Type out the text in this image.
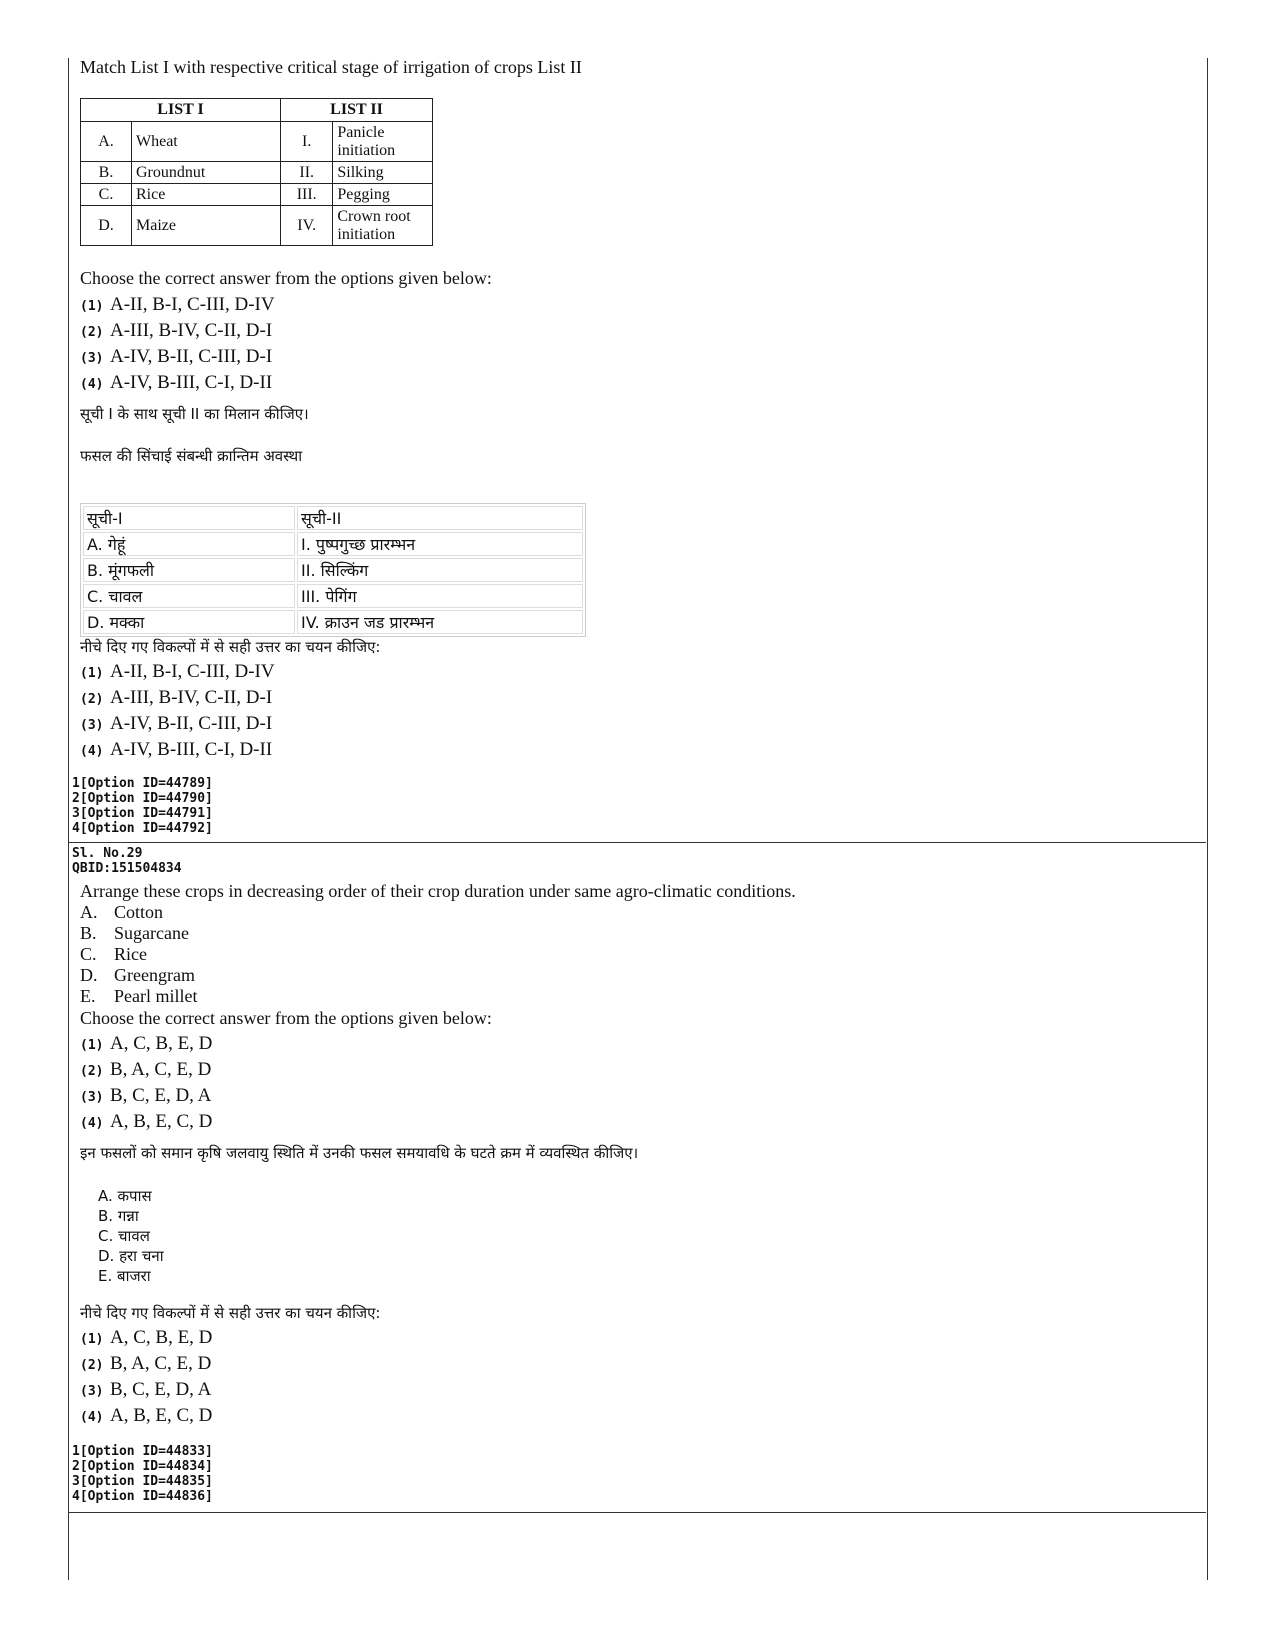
Match List I with respective critical stage of irrigation of crops List II
LIST I		LIST II	
A.	Wheat	I.	Panicle
initiation
B.	Groundnut	II.	Silking
C.	Rice	III.	Pegging
D.	Maize	IV.	Crown root
initiation
Choose the correct answer from the options given below:
(1) A-II, B-I, C-III, D-IV
(2) A-III, B-IV, C-II, D-I
(3) A-IV, B-II, C-III, D-I
(4) A-IV, B-III, C-I, D-II
सूची I के साथ सूची II का मिलान कीजिए।
फसल की सिंचाई संबन्धी क्रान्तिम अवस्था
सूची-I	सूची-II
A. गेहूं	I. पुष्पगुच्छ प्रारम्भन
B. मूंगफली	II. सिल्किंग
C. चावल	III. पेगिंग
D. मक्का	IV. क्राउन जड प्रारम्भन
नीचे दिए गए विकल्पों में से सही उत्तर का चयन कीजिए:
(1) A-II, B-I, C-III, D-IV
(2) A-III, B-IV, C-II, D-I
(3) A-IV, B-II, C-III, D-I
(4) A-IV, B-III, C-I, D-II
1[Option ID=44789]
2[Option ID=44790]
3[Option ID=44791]
4[Option ID=44792]
Sl. No.29
QBID:151504834
Arrange these crops in decreasing order of their crop duration under same agro-climatic conditions.
A. Cotton
B. Sugarcane
C. Rice
D. Greengram
E. Pearl millet
Choose the correct answer from the options given below:
(1) A, C, B, E, D
(2) B, A, C, E, D
(3) B, C, E, D, A
(4) A, B, E, C, D
इन फसलों को समान कृषि जलवायु स्थिति में उनकी फसल समयावधि के घटते क्रम में व्यवस्थित कीजिए।
A. कपास
B. गन्ना
C. चावल
D. हरा चना
E. बाजरा
नीचे दिए गए विकल्पों में से सही उत्तर का चयन कीजिए:
(1) A, C, B, E, D
(2) B, A, C, E, D
(3) B, C, E, D, A
(4) A, B, E, C, D
1[Option ID=44833]
2[Option ID=44834]
3[Option ID=44835]
4[Option ID=44836]
